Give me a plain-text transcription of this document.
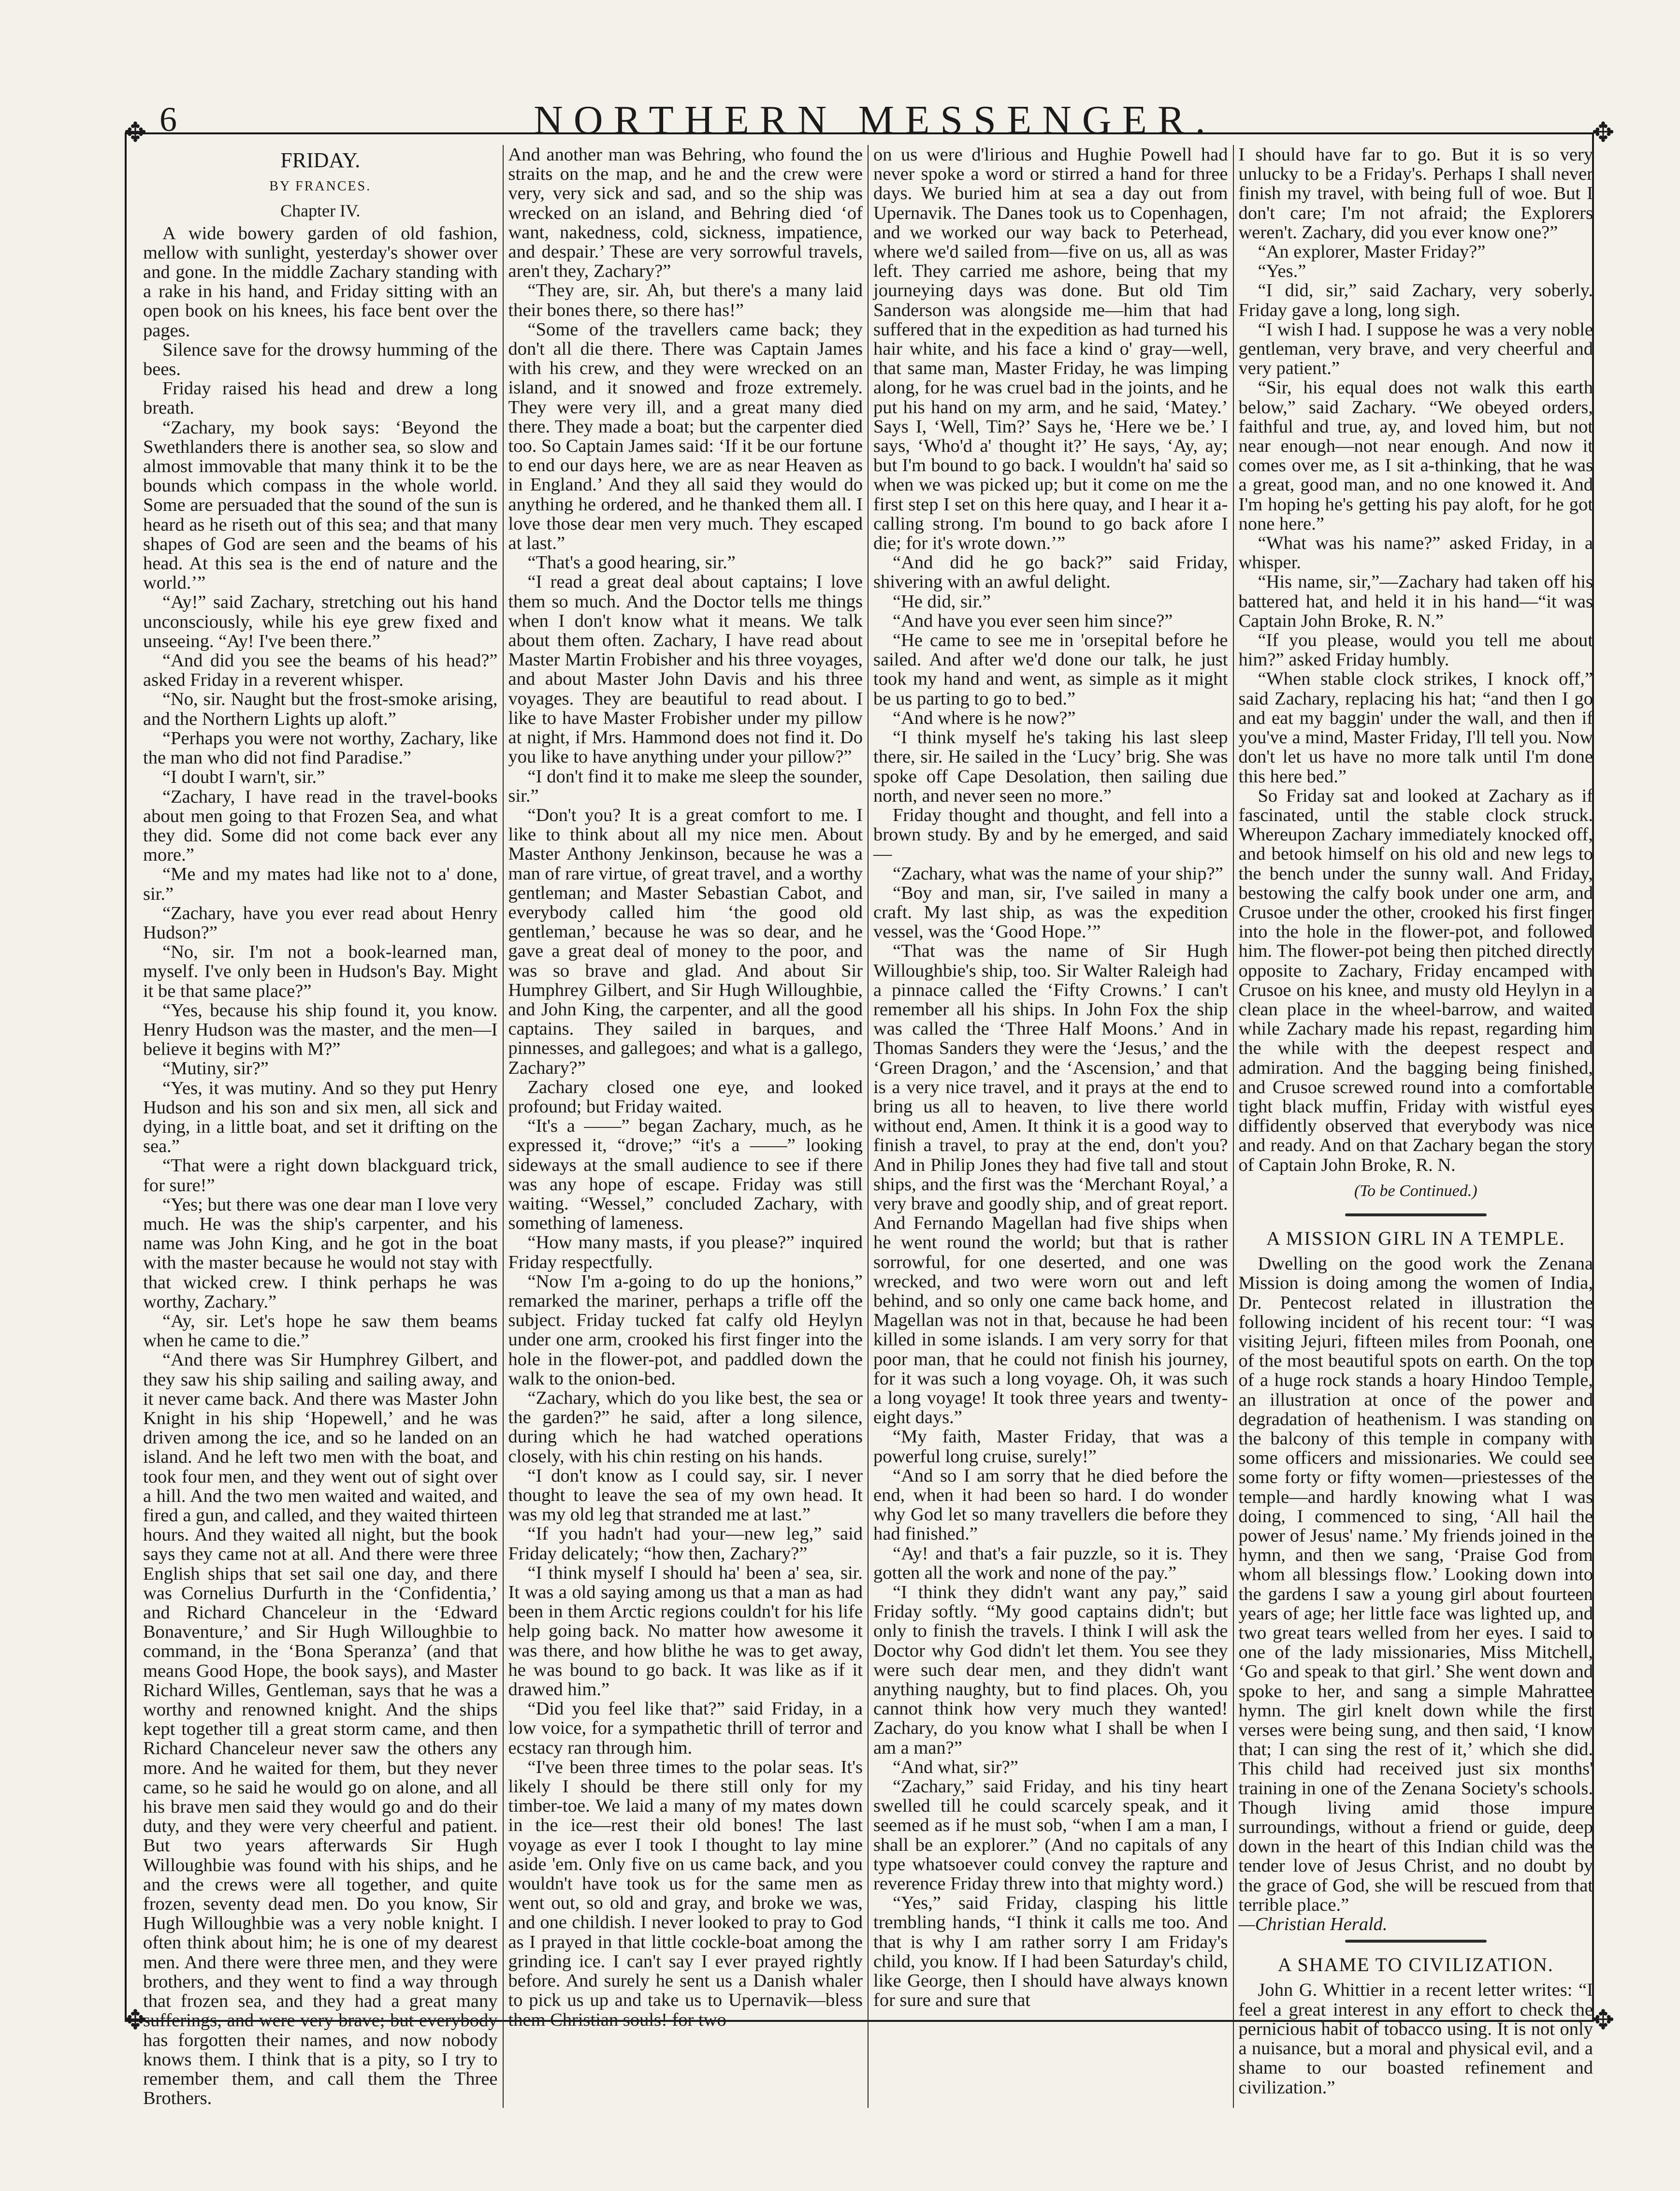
✥	✥
✥	✥
6	NORTHERN MESSENGER.
FRIDAY.
BY FRANCES.
Chapter IV.

A wide bowery garden of old fashion, mellow with sunlight, yesterday's shower over and gone. In the middle Zachary standing with a rake in his hand, and Friday sitting with an open book on his knees, his face bent over the pages.

Silence save for the drowsy humming of the bees.

Friday raised his head and drew a long breath.

“Zachary, my book says: ‘Beyond the Swethlanders there is another sea, so slow and almost immovable that many think it to be the bounds which compass in the whole world. Some are persuaded that the sound of the sun is heard as he riseth out of this sea; and that many shapes of God are seen and the beams of his head. At this sea is the end of nature and the world.’”

“Ay!” said Zachary, stretching out his hand unconsciously, while his eye grew fixed and unseeing. “Ay! I've been there.”

“And did you see the beams of his head?” asked Friday in a reverent whisper.

“No, sir. Naught but the frost-smoke arising, and the Northern Lights up aloft.”

“Perhaps you were not worthy, Zachary, like the man who did not find Paradise.”

“I doubt I warn't, sir.”

“Zachary, I have read in the travel-books about men going to that Frozen Sea, and what they did. Some did not come back ever any more.”

“Me and my mates had like not to a' done, sir.”

“Zachary, have you ever read about Henry Hudson?”

“No, sir. I'm not a book-learned man, myself. I've only been in Hudson's Bay. Might it be that same place?”

“Yes, because his ship found it, you know. Henry Hudson was the master, and the men—I believe it begins with M?”

“Mutiny, sir?”

“Yes, it was mutiny. And so they put Henry Hudson and his son and six men, all sick and dying, in a little boat, and set it drifting on the sea.”

“That were a right down blackguard trick, for sure!”

“Yes; but there was one dear man I love very much. He was the ship's carpenter, and his name was John King, and he got in the boat with the master because he would not stay with that wicked crew. I think perhaps he was worthy, Zachary.”

“Ay, sir. Let's hope he saw them beams when he came to die.”

“And there was Sir Humphrey Gilbert, and they saw his ship sailing and sailing away, and it never came back. And there was Master John Knight in his ship ‘Hopewell,’ and he was driven among the ice, and so he landed on an island. And he left two men with the boat, and took four men, and they went out of sight over a hill. And the two men waited and waited, and fired a gun, and called, and they waited thirteen hours. And they waited all night, but the book says they came not at all. And there were three English ships that set sail one day, and there was Cornelius Durfurth in the ‘Confidentia,’ and Richard Chanceleur in the ‘Edward Bonaventure,’ and Sir Hugh Willoughbie to command, in the ‘Bona Speranza’ (and that means Good Hope, the book says), and Master Richard Willes, Gentleman, says that he was a worthy and renowned knight. And the ships kept together till a great storm came, and then Richard Chanceleur never saw the others any more. And he waited for them, but they never came, so he said he would go on alone, and all his brave men said they would go and do their duty, and they were very cheerful and patient. But two years afterwards Sir Hugh Willoughbie was found with his ships, and he and the crews were all together, and quite frozen, seventy dead men. Do you know, Sir Hugh Willoughbie was a very noble knight. I often think about him; he is one of my dearest men. And there were three men, and they were brothers, and they went to find a way through that frozen sea, and they had a great many sufferings, and were very brave; but everybody has forgotten their names, and now nobody knows them. I think that is a pity, so I try to remember them, and call them the Three Brothers.

And another man was Behring, who found the straits on the map, and he and the crew were very, very sick and sad, and so the ship was wrecked on an island, and Behring died ‘of want, nakedness, cold, sickness, impatience, and despair.’ These are very sorrowful travels, aren't they, Zachary?”

“They are, sir. Ah, but there's a many laid their bones there, so there has!”

“Some of the travellers came back; they don't all die there. There was Captain James with his crew, and they were wrecked on an island, and it snowed and froze extremely. They were very ill, and a great many died there. They made a boat; but the carpenter died too. So Captain James said: ‘If it be our fortune to end our days here, we are as near Heaven as in England.’ And they all said they would do anything he ordered, and he thanked them all. I love those dear men very much. They escaped at last.”

“That's a good hearing, sir.”

“I read a great deal about captains; I love them so much. And the Doctor tells me things when I don't know what it means. We talk about them often. Zachary, I have read about Master Martin Frobisher and his three voyages, and about Master John Davis and his three voyages. They are beautiful to read about. I like to have Master Frobisher under my pillow at night, if Mrs. Hammond does not find it. Do you like to have anything under your pillow?”

“I don't find it to make me sleep the sounder, sir.”

“Don't you? It is a great comfort to me. I like to think about all my nice men. About Master Anthony Jenkinson, because he was a man of rare virtue, of great travel, and a worthy gentleman; and Master Sebastian Cabot, and everybody called him ‘the good old gentleman,’ because he was so dear, and he gave a great deal of money to the poor, and was so brave and glad. And about Sir Humphrey Gilbert, and Sir Hugh Willoughbie, and John King, the carpenter, and all the good captains. They sailed in barques, and pinnesses, and gallegoes; and what is a gallego, Zachary?”

Zachary closed one eye, and looked profound; but Friday waited.

“It's a ——” began Zachary, much, as he expressed it, “drove;” “it's a ——” looking sideways at the small audience to see if there was any hope of escape. Friday was still waiting. “Wessel,” concluded Zachary, with something of lameness.

“How many masts, if you please?” inquired Friday respectfully.

“Now I'm a-going to do up the honions,” remarked the mariner, perhaps a trifle off the subject. Friday tucked fat calfy old Heylyn under one arm, crooked his first finger into the hole in the flower-pot, and paddled down the walk to the onion-bed.

“Zachary, which do you like best, the sea or the garden?” he said, after a long silence, during which he had watched operations closely, with his chin resting on his hands.

“I don't know as I could say, sir. I never thought to leave the sea of my own head. It was my old leg that stranded me at last.”

“If you hadn't had your—new leg,” said Friday delicately; “how then, Zachary?”

“I think myself I should ha' been a' sea, sir. It was a old saying among us that a man as had been in them Arctic regions couldn't for his life help going back. No matter how awesome it was there, and how blithe he was to get away, he was bound to go back. It was like as if it drawed him.”

“Did you feel like that?” said Friday, in a low voice, for a sympathetic thrill of terror and ecstacy ran through him.

“I've been three times to the polar seas. It's likely I should be there still only for my timber-toe. We laid a many of my mates down in the ice—rest their old bones! The last voyage as ever I took I thought to lay mine aside 'em. Only five on us came back, and you wouldn't have took us for the same men as went out, so old and gray, and broke we was, and one childish. I never looked to pray to God as I prayed in that little cockle-boat among the grinding ice. I can't say I ever prayed rightly before. And surely he sent us a Danish whaler to pick us up and take us to Upernavik—bless them Christian souls! for two

on us were d'lirious and Hughie Powell had never spoke a word or stirred a hand for three days. We buried him at sea a day out from Upernavik. The Danes took us to Copenhagen, and we worked our way back to Peterhead, where we'd sailed from—five on us, all as was left. They carried me ashore, being that my journeying days was done. But old Tim Sanderson was alongside me—him that had suffered that in the expedition as had turned his hair white, and his face a kind o' gray—well, that same man, Master Friday, he was limping along, for he was cruel bad in the joints, and he put his hand on my arm, and he said, ‘Matey.’ Says I, ‘Well, Tim?’ Says he, ‘Here we be.’ I says, ‘Who'd a' thought it?’ He says, ‘Ay, ay; but I'm bound to go back. I wouldn't ha' said so when we was picked up; but it come on me the first step I set on this here quay, and I hear it a-calling strong. I'm bound to go back afore I die; for it's wrote down.’”

“And did he go back?” said Friday, shivering with an awful delight.

“He did, sir.”

“And have you ever seen him since?”

“He came to see me in 'orsepital before he sailed. And after we'd done our talk, he just took my hand and went, as simple as it might be us parting to go to bed.”

“And where is he now?”

“I think myself he's taking his last sleep there, sir. He sailed in the ‘Lucy’ brig. She was spoke off Cape Desolation, then sailing due north, and never seen no more.”

Friday thought and thought, and fell into a brown study. By and by he emerged, and said—

“Zachary, what was the name of your ship?”

“Boy and man, sir, I've sailed in many a craft. My last ship, as was the expedition vessel, was the ‘Good Hope.’”

“That was the name of Sir Hugh Willoughbie's ship, too. Sir Walter Raleigh had a pinnace called the ‘Fifty Crowns.’ I can't remember all his ships. In John Fox the ship was called the ‘Three Half Moons.’ And in Thomas Sanders they were the ‘Jesus,’ and the ‘Green Dragon,’ and the ‘Ascension,’ and that is a very nice travel, and it prays at the end to bring us all to heaven, to live there world without end, Amen. It think it is a good way to finish a travel, to pray at the end, don't you? And in Philip Jones they had five tall and stout ships, and the first was the ‘Merchant Royal,’ a very brave and goodly ship, and of great report. And Fernando Magellan had five ships when he went round the world; but that is rather sorrowful, for one deserted, and one was wrecked, and two were worn out and left behind, and so only one came back home, and Magellan was not in that, because he had been killed in some islands. I am very sorry for that poor man, that he could not finish his journey, for it was such a long voyage. Oh, it was such a long voyage! It took three years and twenty-eight days.”

“My faith, Master Friday, that was a powerful long cruise, surely!”

“And so I am sorry that he died before the end, when it had been so hard. I do wonder why God let so many travellers die before they had finished.”

“Ay! and that's a fair puzzle, so it is. They gotten all the work and none of the pay.”

“I think they didn't want any pay,” said Friday softly. “My good captains didn't; but only to finish the travels. I think I will ask the Doctor why God didn't let them. You see they were such dear men, and they didn't want anything naughty, but to find places. Oh, you cannot think how very much they wanted! Zachary, do you know what I shall be when I am a man?”

“And what, sir?”

“Zachary,” said Friday, and his tiny heart swelled till he could scarcely speak, and it seemed as if he must sob, “when I am a man, I shall be an explorer.” (And no capitals of any type whatsoever could convey the rapture and reverence Friday threw into that mighty word.)

“Yes,” said Friday, clasping his little trembling hands, “I think it calls me too. And that is why I am rather sorry I am Friday's child, you know. If I had been Saturday's child, like George, then I should have always known for sure and sure that

I should have far to go. But it is so very unlucky to be a Friday's. Perhaps I shall never finish my travel, with being full of woe. But I don't care; I'm not afraid; the Explorers weren't. Zachary, did you ever know one?”

“An explorer, Master Friday?”

“Yes.”

“I did, sir,” said Zachary, very soberly. Friday gave a long, long sigh.

“I wish I had. I suppose he was a very noble gentleman, very brave, and very cheerful and very patient.”

“Sir, his equal does not walk this earth below,” said Zachary. “We obeyed orders, faithful and true, ay, and loved him, but not near enough—not near enough. And now it comes over me, as I sit a-thinking, that he was a great, good man, and no one knowed it. And I'm hoping he's getting his pay aloft, for he got none here.”

“What was his name?” asked Friday, in a whisper.

“His name, sir,”—Zachary had taken off his battered hat, and held it in his hand—“it was Captain John Broke, R. N.”

“If you please, would you tell me about him?” asked Friday humbly.

“When stable clock strikes, I knock off,” said Zachary, replacing his hat; “and then I go and eat my baggin' under the wall, and then if you've a mind, Master Friday, I'll tell you. Now don't let us have no more talk until I'm done this here bed.”

So Friday sat and looked at Zachary as if fascinated, until the stable clock struck. Whereupon Zachary immediately knocked off, and betook himself on his old and new legs to the bench under the sunny wall. And Friday, bestowing the calfy book under one arm, and Crusoe under the other, crooked his first finger into the hole in the flower-pot, and followed him. The flower-pot being then pitched directly opposite to Zachary, Friday encamped with Crusoe on his knee, and musty old Heylyn in a clean place in the wheel-barrow, and waited while Zachary made his repast, regarding him the while with the deepest respect and admiration. And the bagging being finished, and Crusoe screwed round into a comfortable tight black muffin, Friday with wistful eyes diffidently observed that everybody was nice and ready. And on that Zachary began the story of Captain John Broke, R. N.

(To be Continued.)
A MISSION GIRL IN A TEMPLE.

Dwelling on the good work the Zenana Mission is doing among the women of India, Dr. Pentecost related in illustration the following incident of his recent tour: “I was visiting Jejuri, fifteen miles from Poonah, one of the most beautiful spots on earth. On the top of a huge rock stands a hoary Hindoo Temple, an illustration at once of the power and degradation of heathenism. I was standing on the balcony of this temple in company with some officers and missionaries. We could see some forty or fifty women—priestesses of the temple—and hardly knowing what I was doing, I commenced to sing, ‘All hail the power of Jesus' name.’ My friends joined in the hymn, and then we sang, ‘Praise God from whom all blessings flow.’ Looking down into the gardens I saw a young girl about fourteen years of age; her little face was lighted up, and two great tears welled from her eyes. I said to one of the lady missionaries, Miss Mitchell, ‘Go and speak to that girl.’ She went down and spoke to her, and sang a simple Mahrattee hymn. The girl knelt down while the first verses were being sung, and then said, ‘I know that; I can sing the rest of it,’ which she did. This child had received just six months' training in one of the Zenana Society's schools. Though living amid those impure surroundings, without a friend or guide, deep down in the heart of this Indian child was the tender love of Jesus Christ, and no doubt by the grace of God, she will be rescued from that terrible place.”

—Christian Herald.

A SHAME TO CIVILIZATION.

John G. Whittier in a recent letter writes: “I feel a great interest in any effort to check the pernicious habit of tobacco using. It is not only a nuisance, but a moral and physical evil, and a shame to our boasted refinement and civilization.”
